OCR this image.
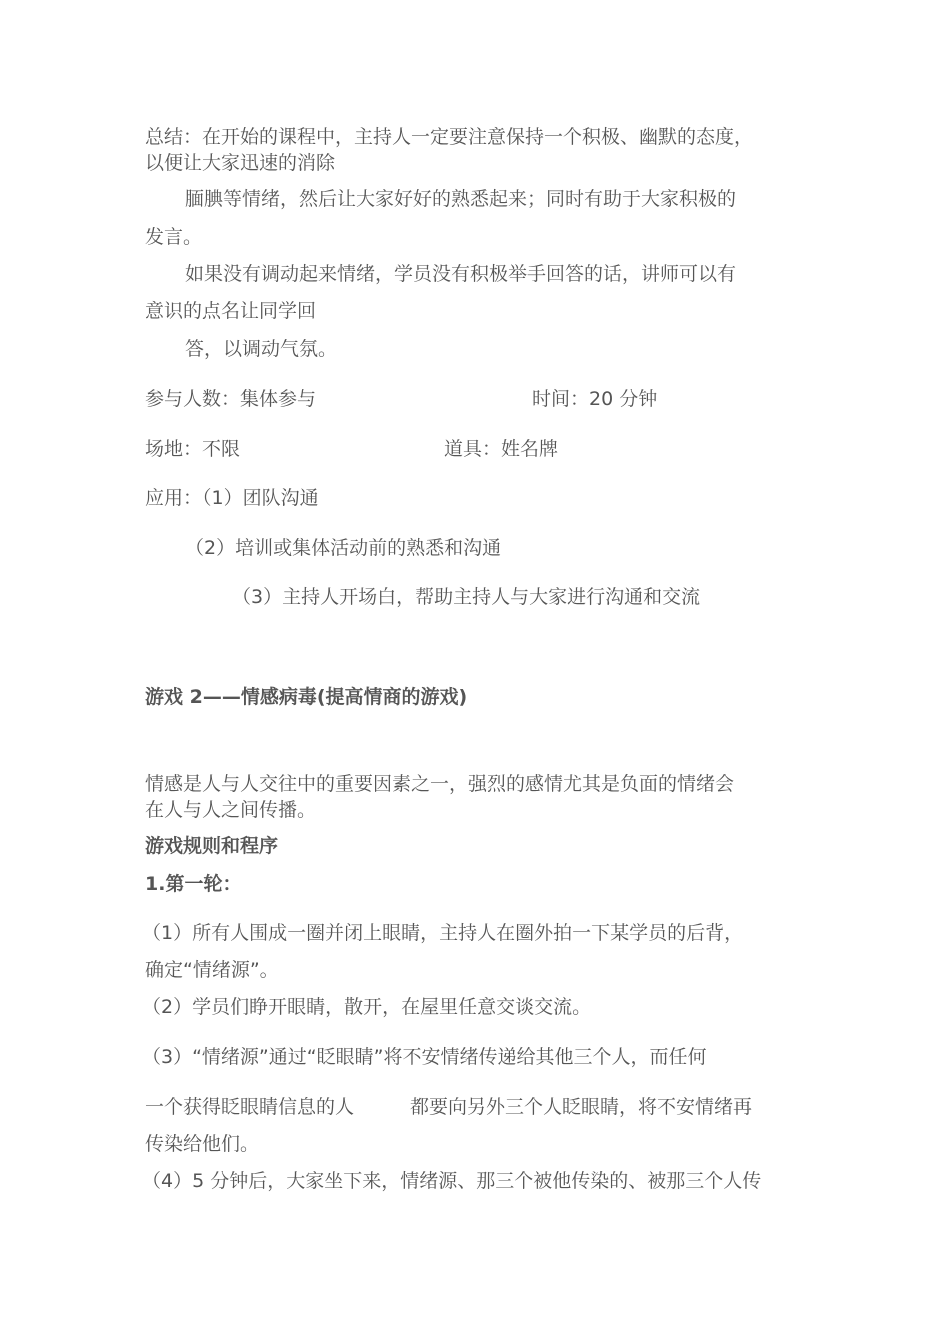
总结：在开始的课程中，主持人一定要注意保持一个积极、幽默的态度，
以便让大家迅速的消除
腼腆等情绪，然后让大家好好的熟悉起来；同时有助于大家积极的
发言。
如果没有调动起来情绪，学员没有积极举手回答的话，讲师可以有
意识的点名让同学回
答，以调动气氛。
参与人数：集体参与	时间：20 分钟
场地：不限	道具：姓名牌
应用：（1）团队沟通
（2）培训或集体活动前的熟悉和沟通
（3）主持人开场白，帮助主持人与大家进行沟通和交流
游戏 2——情感病毒(提高情商的游戏)
情感是人与人交往中的重要因素之一，强烈的感情尤其是负面的情绪会
在人与人之间传播。
游戏规则和程序
1.第一轮：
（1）所有人围成一圈并闭上眼睛，主持人在圈外拍一下某学员的后背，
确定“情绪源”。
（2）学员们睁开眼睛，散开，在屋里任意交谈交流。
（3）“情绪源”通过“眨眼睛”将不安情绪传递给其他三个人，而任何
一个获得眨眼睛信息的人	都要向另外三个人眨眼睛，将不安情绪再
传染给他们。
（4）5 分钟后，大家坐下来，情绪源、那三个被他传染的、被那三个人传
